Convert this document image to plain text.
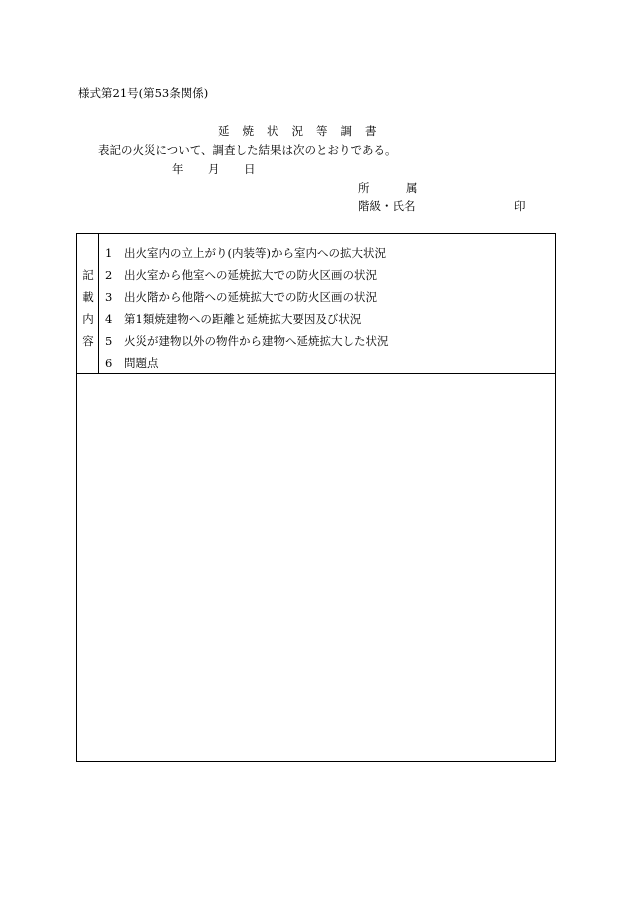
様式第21号(第53条関係)
延	焼	状	況	等	調	書
表記の火災について、調査した結果は次のとおりである。
年 月 日
所	属
階級・氏名	印
記
載
内
容
1 出火室内の立上がり(内装等)から室内への拡大状況
2 出火室から他室への延焼拡大での防火区画の状況
3 出火階から他階への延焼拡大での防火区画の状況
4 第1類焼建物への距離と延焼拡大要因及び状況
5 火災が建物以外の物件から建物へ延焼拡大した状況
6 問題点
